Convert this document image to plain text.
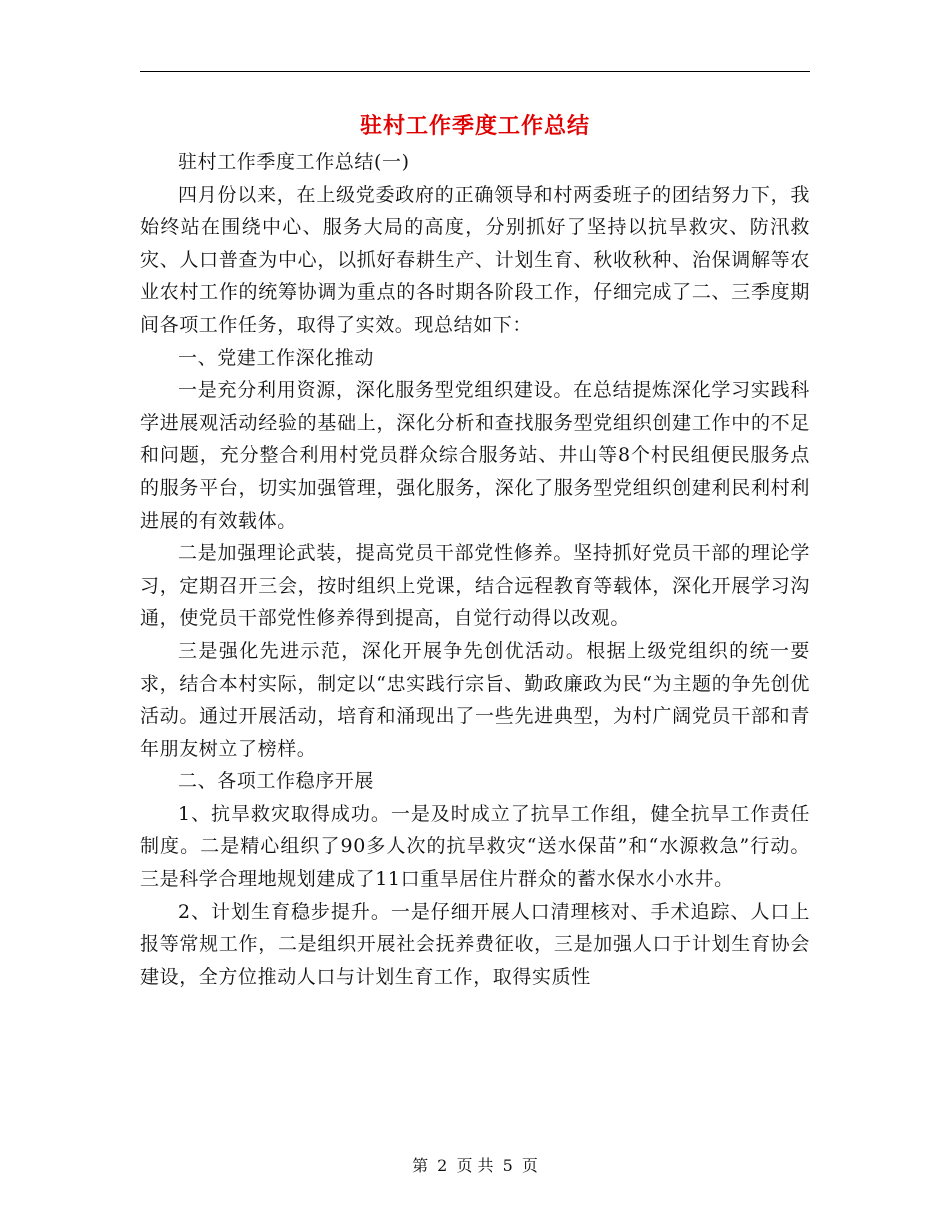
驻村工作季度工作总结

驻村工作季度工作总结(一)

四月份以来，在上级党委政府的正确领导和村两委班子的团结努力下，我始终站在围绕中心、服务大局的高度，分别抓好了坚持以抗旱救灾、防汛救灾、人口普查为中心，以抓好春耕生产、计划生育、秋收秋种、治保调解等农业农村工作的统筹协调为重点的各时期各阶段工作，仔细完成了二、三季度期间各项工作任务，取得了实效。现总结如下：

一、党建工作深化推动

一是充分利用资源，深化服务型党组织建设。在总结提炼深化学习实践科学进展观活动经验的基础上，深化分析和查找服务型党组织创建工作中的不足和问题，充分整合利用村党员群众综合服务站、井山等8个村民组便民服务点的服务平台，切实加强管理，强化服务，深化了服务型党组织创建利民利村利进展的有效载体。

二是加强理论武装，提高党员干部党性修养。坚持抓好党员干部的理论学习，定期召开三会，按时组织上党课，结合远程教育等载体，深化开展学习沟通，使党员干部党性修养得到提高，自觉行动得以改观。

三是强化先进示范，深化开展争先创优活动。根据上级党组织的统一要求，结合本村实际，制定以“忠实践行宗旨、勤政廉政为民“为主题的争先创优活动。通过开展活动，培育和涌现出了一些先进典型，为村广阔党员干部和青年朋友树立了榜样。

二、各项工作稳序开展

1、抗旱救灾取得成功。一是及时成立了抗旱工作组，健全抗旱工作责任制度。二是精心组织了90多人次的抗旱救灾“送水保苗”和“水源救急”行动。三是科学合理地规划建成了11口重旱居住片群众的蓄水保水小水井。

2、计划生育稳步提升。一是仔细开展人口清理核对、手术追踪、人口上报等常规工作，二是组织开展社会抚养费征收，三是加强人口于计划生育协会建设，全方位推动人口与计划生育工作，取得实质性

第 2 页 共 5 页
